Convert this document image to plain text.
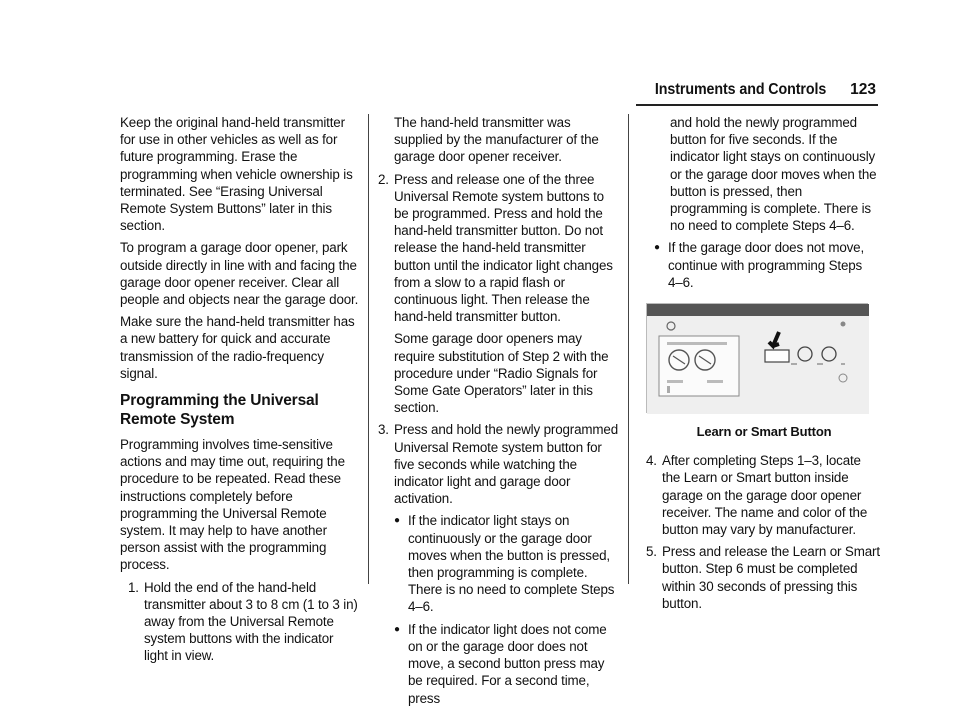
Instruments and Controls 123
Keep the original hand-held transmitter for use in other vehicles as well as for future programming. Erase the programming when vehicle ownership is terminated. See “Erasing Universal Remote System Buttons” later in this section.
To program a garage door opener, park outside directly in line with and facing the garage door opener receiver. Clear all people and objects near the garage door.
Make sure the hand-held transmitter has a new battery for quick and accurate transmission of the radio-frequency signal.
Programming the Universal Remote System
Programming involves time-sensitive actions and may time out, requiring the procedure to be repeated. Read these instructions completely before programming the Universal Remote system. It may help to have another person assist with the programming process.
1. Hold the end of the hand-held transmitter about 3 to 8 cm (1 to 3 in) away from the Universal Remote system buttons with the indicator light in view.
The hand-held transmitter was supplied by the manufacturer of the garage door opener receiver.
2. Press and release one of the three Universal Remote system buttons to be programmed. Press and hold the hand-held transmitter button. Do not release the hand-held transmitter button until the indicator light changes from a slow to a rapid flash or continuous light. Then release the hand-held transmitter button.
Some garage door openers may require substitution of Step 2 with the procedure under “Radio Signals for Some Gate Operators” later in this section.
3. Press and hold the newly programmed Universal Remote system button for five seconds while watching the indicator light and garage door activation.
● If the indicator light stays on continuously or the garage door moves when the button is pressed, then programming is complete. There is no need to complete Steps 4–6.
● If the indicator light does not come on or the garage door does not move, a second button press may be required. For a second time, press
and hold the newly programmed button for five seconds. If the indicator light stays on continuously or the garage door moves when the button is pressed, then programming is complete. There is no need to complete Steps 4–6.
● If the garage door does not move, continue with programming Steps 4–6.
Learn or Smart Button
4. After completing Steps 1–3, locate the Learn or Smart button inside garage on the garage door opener receiver. The name and color of the button may vary by manufacturer.
5. Press and release the Learn or Smart button. Step 6 must be completed within 30 seconds of pressing this button.
